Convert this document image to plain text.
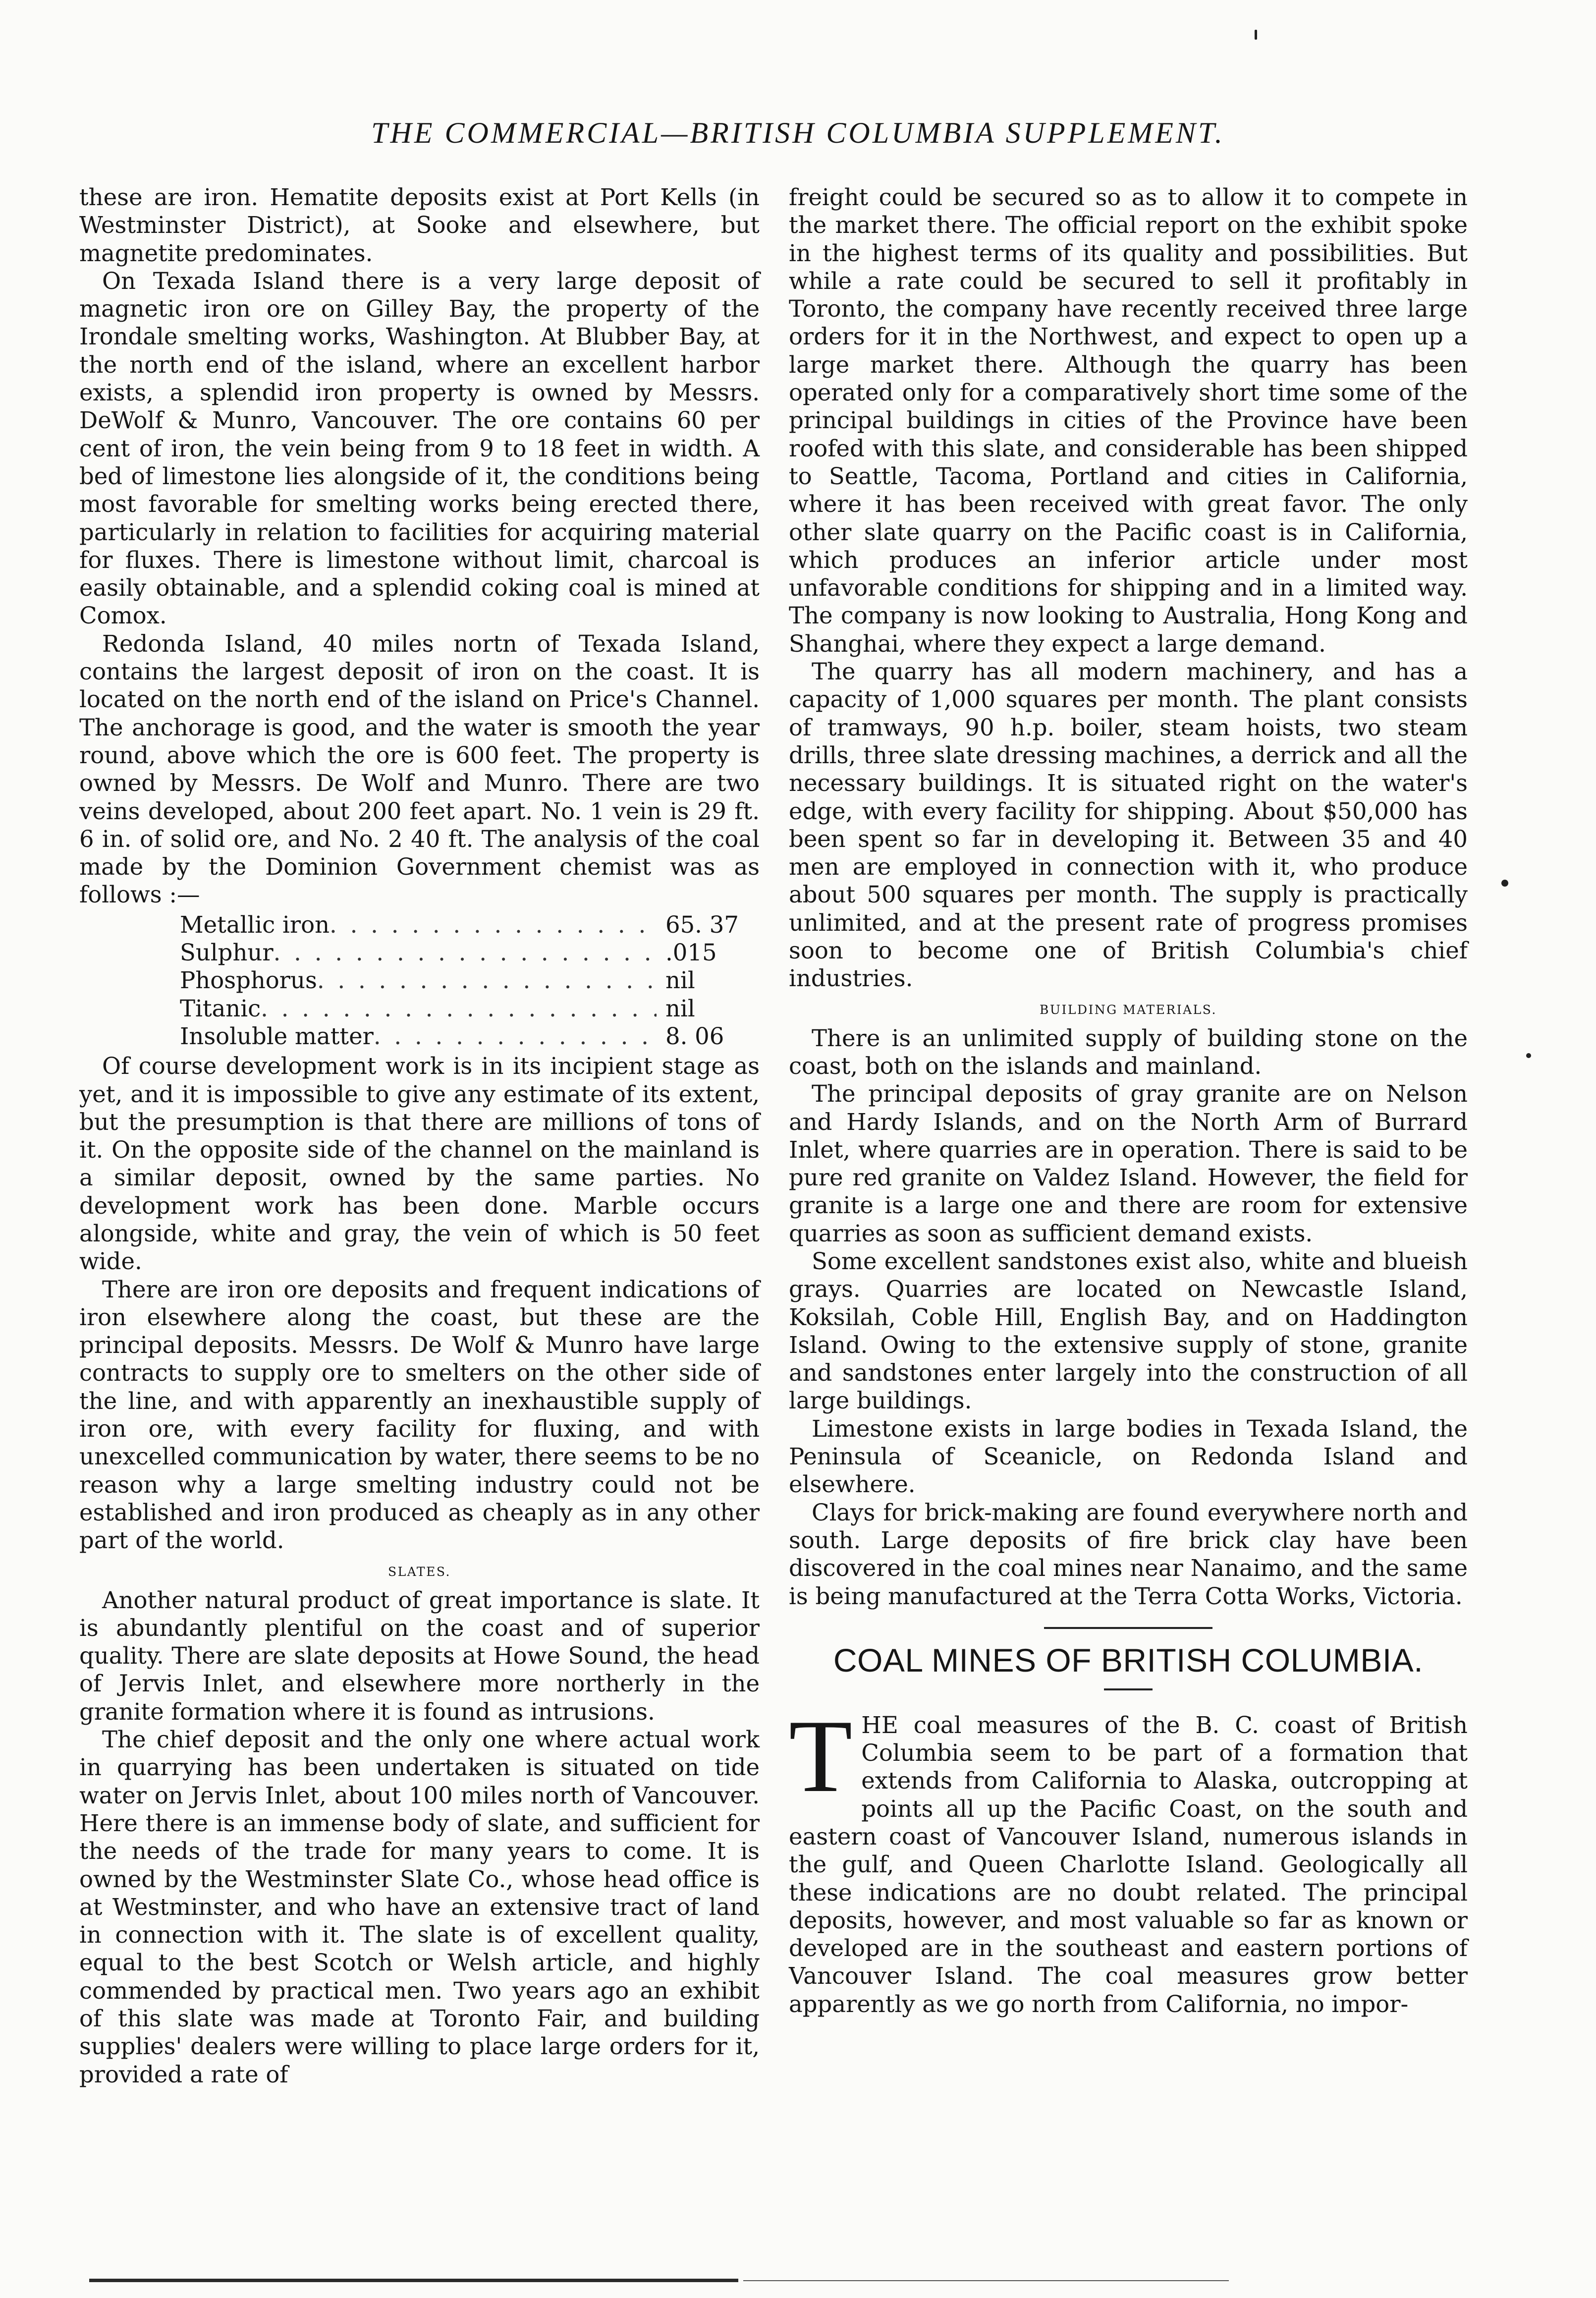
THE COMMERCIAL—BRITISH COLUMBIA SUPPLEMENT.

these are iron. Hematite deposits exist at Port Kells (in Westminster District), at Sooke and elsewhere, but magnetite predominates.

On Texada Island there is a very large deposit of magnetic iron ore on Gilley Bay, the property of the Irondale smelting works, Washington. At Blubber Bay, at the north end of the island, where an excellent harbor exists, a splendid iron property is owned by Messrs. DeWolf & Munro, Vancouver. The ore contains 60 per cent of iron, the vein being from 9 to 18 feet in width. A bed of limestone lies alongside of it, the conditions being most favorable for smelting works being erected there, particularly in relation to facilities for acquiring material for fluxes. There is limestone without limit, charcoal is easily obtainable, and a splendid coking coal is mined at Comox.

Redonda Island, 40 miles nortn of Texada Island, contains the largest deposit of iron on the coast. It is located on the north end of the island on Price's Channel. The anchorage is good, and the water is smooth the year round, above which the ore is 600 feet. The property is owned by Messrs. De Wolf and Munro. There are two veins developed, about 200 feet apart. No. 1 vein is 29 ft. 6 in. of solid ore, and No. 2 40 ft. The analysis of the coal made by the Dominion Government chemist was as follows :—

Metallic iron . . .	65. 37
Sulphur . . .	.015
Phosphorus . . .	nil
Titanic . . .	nil
Insoluble matter . . .	8. 06

Of course development work is in its incipient stage as yet, and it is impossible to give any estimate of its extent, but the presumption is that there are millions of tons of it. On the opposite side of the channel on the mainland is a similar deposit, owned by the same parties. No development work has been done. Marble occurs alongside, white and gray, the vein of which is 50 feet wide.

There are iron ore deposits and frequent indications of iron elsewhere along the coast, but these are the principal deposits. Messrs. De Wolf & Munro have large contracts to supply ore to smelters on the other side of the line, and with apparently an inexhaustible supply of iron ore, with every facility for fluxing, and with unexcelled communication by water, there seems to be no reason why a large smelting industry could not be established and iron produced as cheaply as in any other part of the world.

SLATES.

Another natural product of great importance is slate. It is abundantly plentiful on the coast and of superior quality. There are slate deposits at Howe Sound, the head of Jervis Inlet, and elsewhere more northerly in the granite formation where it is found as intrusions.

The chief deposit and the only one where actual work in quarrying has been undertaken is situated on tide water on Jervis Inlet, about 100 miles north of Vancouver. Here there is an immense body of slate, and sufficient for the needs of the trade for many years to come. It is owned by the Westminster Slate Co., whose head office is at Westminster, and who have an extensive tract of land in connection with it. The slate is of excellent quality, equal to the best Scotch or Welsh article, and highly commended by practical men. Two years ago an exhibit of this slate was made at Toronto Fair, and building supplies' dealers were willing to place large orders for it, provided a rate of

freight could be secured so as to allow it to compete in the market there. The official report on the exhibit spoke in the highest terms of its quality and possibilities. But while a rate could be secured to sell it profitably in Toronto, the company have recently received three large orders for it in the Northwest, and expect to open up a large market there. Although the quarry has been operated only for a comparatively short time some of the principal buildings in cities of the Province have been roofed with this slate, and considerable has been shipped to Seattle, Tacoma, Portland and cities in California, where it has been received with great favor. The only other slate quarry on the Pacific coast is in California, which produces an inferior article under most unfavorable conditions for shipping and in a limited way. The company is now looking to Australia, Hong Kong and Shanghai, where they expect a large demand.

The quarry has all modern machinery, and has a capacity of 1,000 squares per month. The plant consists of tramways, 90 h.p. boiler, steam hoists, two steam drills, three slate dressing machines, a derrick and all the necessary buildings. It is situated right on the water's edge, with every facility for shipping. About $50,000 has been spent so far in developing it. Between 35 and 40 men are employed in connection with it, who produce about 500 squares per month. The supply is practically unlimited, and at the present rate of progress promises soon to become one of British Columbia's chief industries.

BUILDING MATERIALS.

There is an unlimited supply of building stone on the coast, both on the islands and mainland.

The principal deposits of gray granite are on Nelson and Hardy Islands, and on the North Arm of Burrard Inlet, where quarries are in operation. There is said to be pure red granite on Valdez Island. However, the field for granite is a large one and there are room for extensive quarries as soon as sufficient demand exists.

Some excellent sandstones exist also, white and blueish grays. Quarries are located on Newcastle Island, Koksilah, Coble Hill, English Bay, and on Haddington Island. Owing to the extensive supply of stone, granite and sandstones enter largely into the construction of all large buildings.

Limestone exists in large bodies in Texada Island, the Peninsula of Sceanicle, on Redonda Island and elsewhere.

Clays for brick-making are found everywhere north and south. Large deposits of fire brick clay have been discovered in the coal mines near Nanaimo, and the same is being manufactured at the Terra Cotta Works, Victoria.

COAL MINES OF BRITISH COLUMBIA.

THE coal measures of the B. C. coast of British Columbia seem to be part of a formation that extends from California to Alaska, outcropping at points all up the Pacific Coast, on the south and eastern coast of Vancouver Island, numerous islands in the gulf, and Queen Charlotte Island. Geologically all these indications are no doubt related. The principal deposits, however, and most valuable so far as known or developed are in the southeast and eastern portions of Vancouver Island. The coal measures grow better apparently as we go north from California, no impor-
